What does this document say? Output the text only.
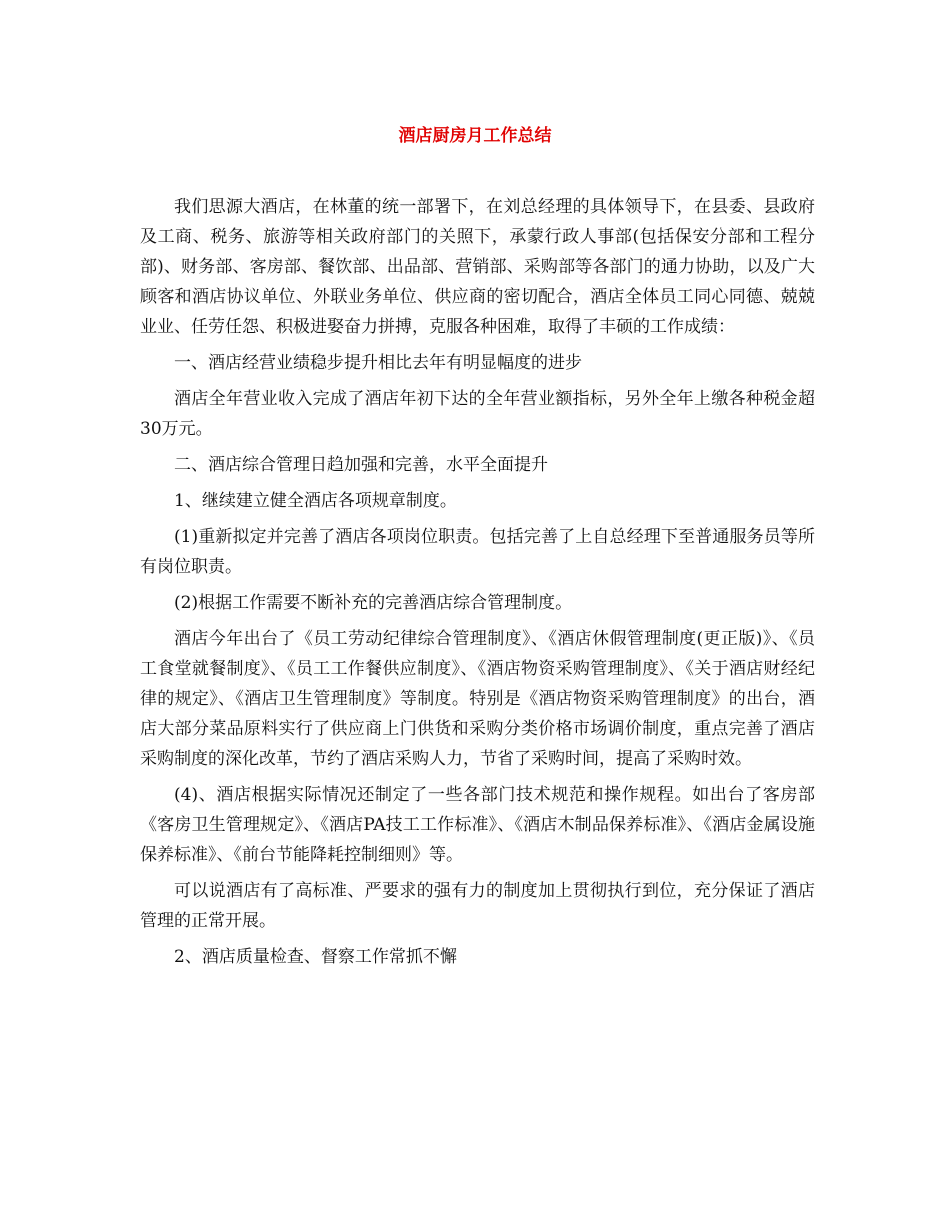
酒店厨房月工作总结

我们思源大酒店，在林董的统一部署下，在刘总经理的具体领导下，在县委、县政府及工商、税务、旅游等相关政府部门的关照下，承蒙行政人事部(包括保安分部和工程分部)、财务部、客房部、餐饮部、出品部、营销部、采购部等各部门的通力协助，以及广大顾客和酒店协议单位、外联业务单位、供应商的密切配合，酒店全体员工同心同德、兢兢业业、任劳任怨、积极进娶奋力拼搏，克服各种困难，取得了丰硕的工作成绩：

一、酒店经营业绩稳步提升相比去年有明显幅度的进步

酒店全年营业收入完成了酒店年初下达的全年营业额指标，另外全年上缴各种税金超30万元。

二、酒店综合管理日趋加强和完善，水平全面提升

1、继续建立健全酒店各项规章制度。

(1)重新拟定并完善了酒店各项岗位职责。包括完善了上自总经理下至普通服务员等所有岗位职责。

(2)根据工作需要不断补充的完善酒店综合管理制度。

酒店今年出台了《员工劳动纪律综合管理制度》、《酒店休假管理制度(更正版)》、《员工食堂就餐制度》、《员工工作餐供应制度》、《酒店物资采购管理制度》、《关于酒店财经纪律的规定》、《酒店卫生管理制度》等制度。特别是《酒店物资采购管理制度》的出台，酒店大部分菜品原料实行了供应商上门供货和采购分类价格市场调价制度，重点完善了酒店采购制度的深化改革，节约了酒店采购人力，节省了采购时间，提高了采购时效。

(4)、酒店根据实际情况还制定了一些各部门技术规范和操作规程。如出台了客房部《客房卫生管理规定》、《酒店PA技工工作标准》、《酒店木制品保养标准》、《酒店金属设施保养标准》、《前台节能降耗控制细则》等。

可以说酒店有了高标准、严要求的强有力的制度加上贯彻执行到位，充分保证了酒店管理的正常开展。

2、酒店质量检查、督察工作常抓不懈
